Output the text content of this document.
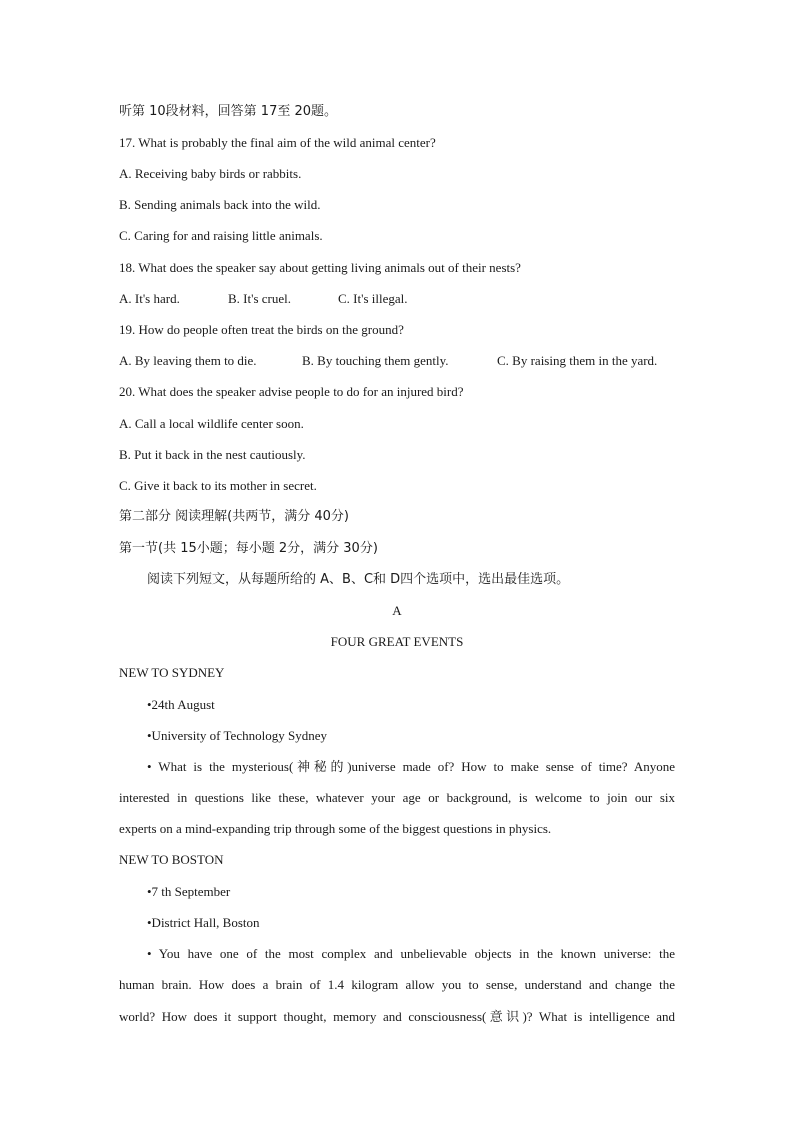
听第 10段材料，回答第 17至 20题。
17. What is probably the final aim of the wild animal center?
A. Receiving baby birds or rabbits.
B. Sending animals back into the wild.
C. Caring for and raising little animals.
18. What does the speaker say about getting living animals out of their nests?
A. It's hard.	B. It's cruel.	C. It's illegal.
19. How do people often treat the birds on the ground?
A. By leaving them to die.	B. By touching them gently.	C. By raising them in the yard.
20. What does the speaker advise people to do for an injured bird?
A. Call a local wildlife center soon.
B. Put it back in the nest cautiously.
C. Give it back to its mother in secret.
第二部分 阅读理解(共两节，满分 40分)
第一节(共 15小题；每小题 2分，满分 30分)
阅读下列短文，从每题所给的 A、B、C和 D四个选项中，选出最佳选项。
A
FOUR GREAT EVENTS
NEW TO SYDNEY
•24th August
•University of Technology Sydney
• What is the mysterious(神秘的)universe made of? How to make sense of time? Anyone
interested in questions like these, whatever your age or background, is welcome to join our six
experts on a mind-expanding trip through some of the biggest questions in physics.
NEW TO BOSTON
•7 th September
•District Hall, Boston
• You have one of the most complex and unbelievable objects in the known universe: the
human brain. How does a brain of 1.4 kilogram allow you to sense, understand and change the
world? How does it support thought, memory and consciousness(意识)? What is intelligence and
